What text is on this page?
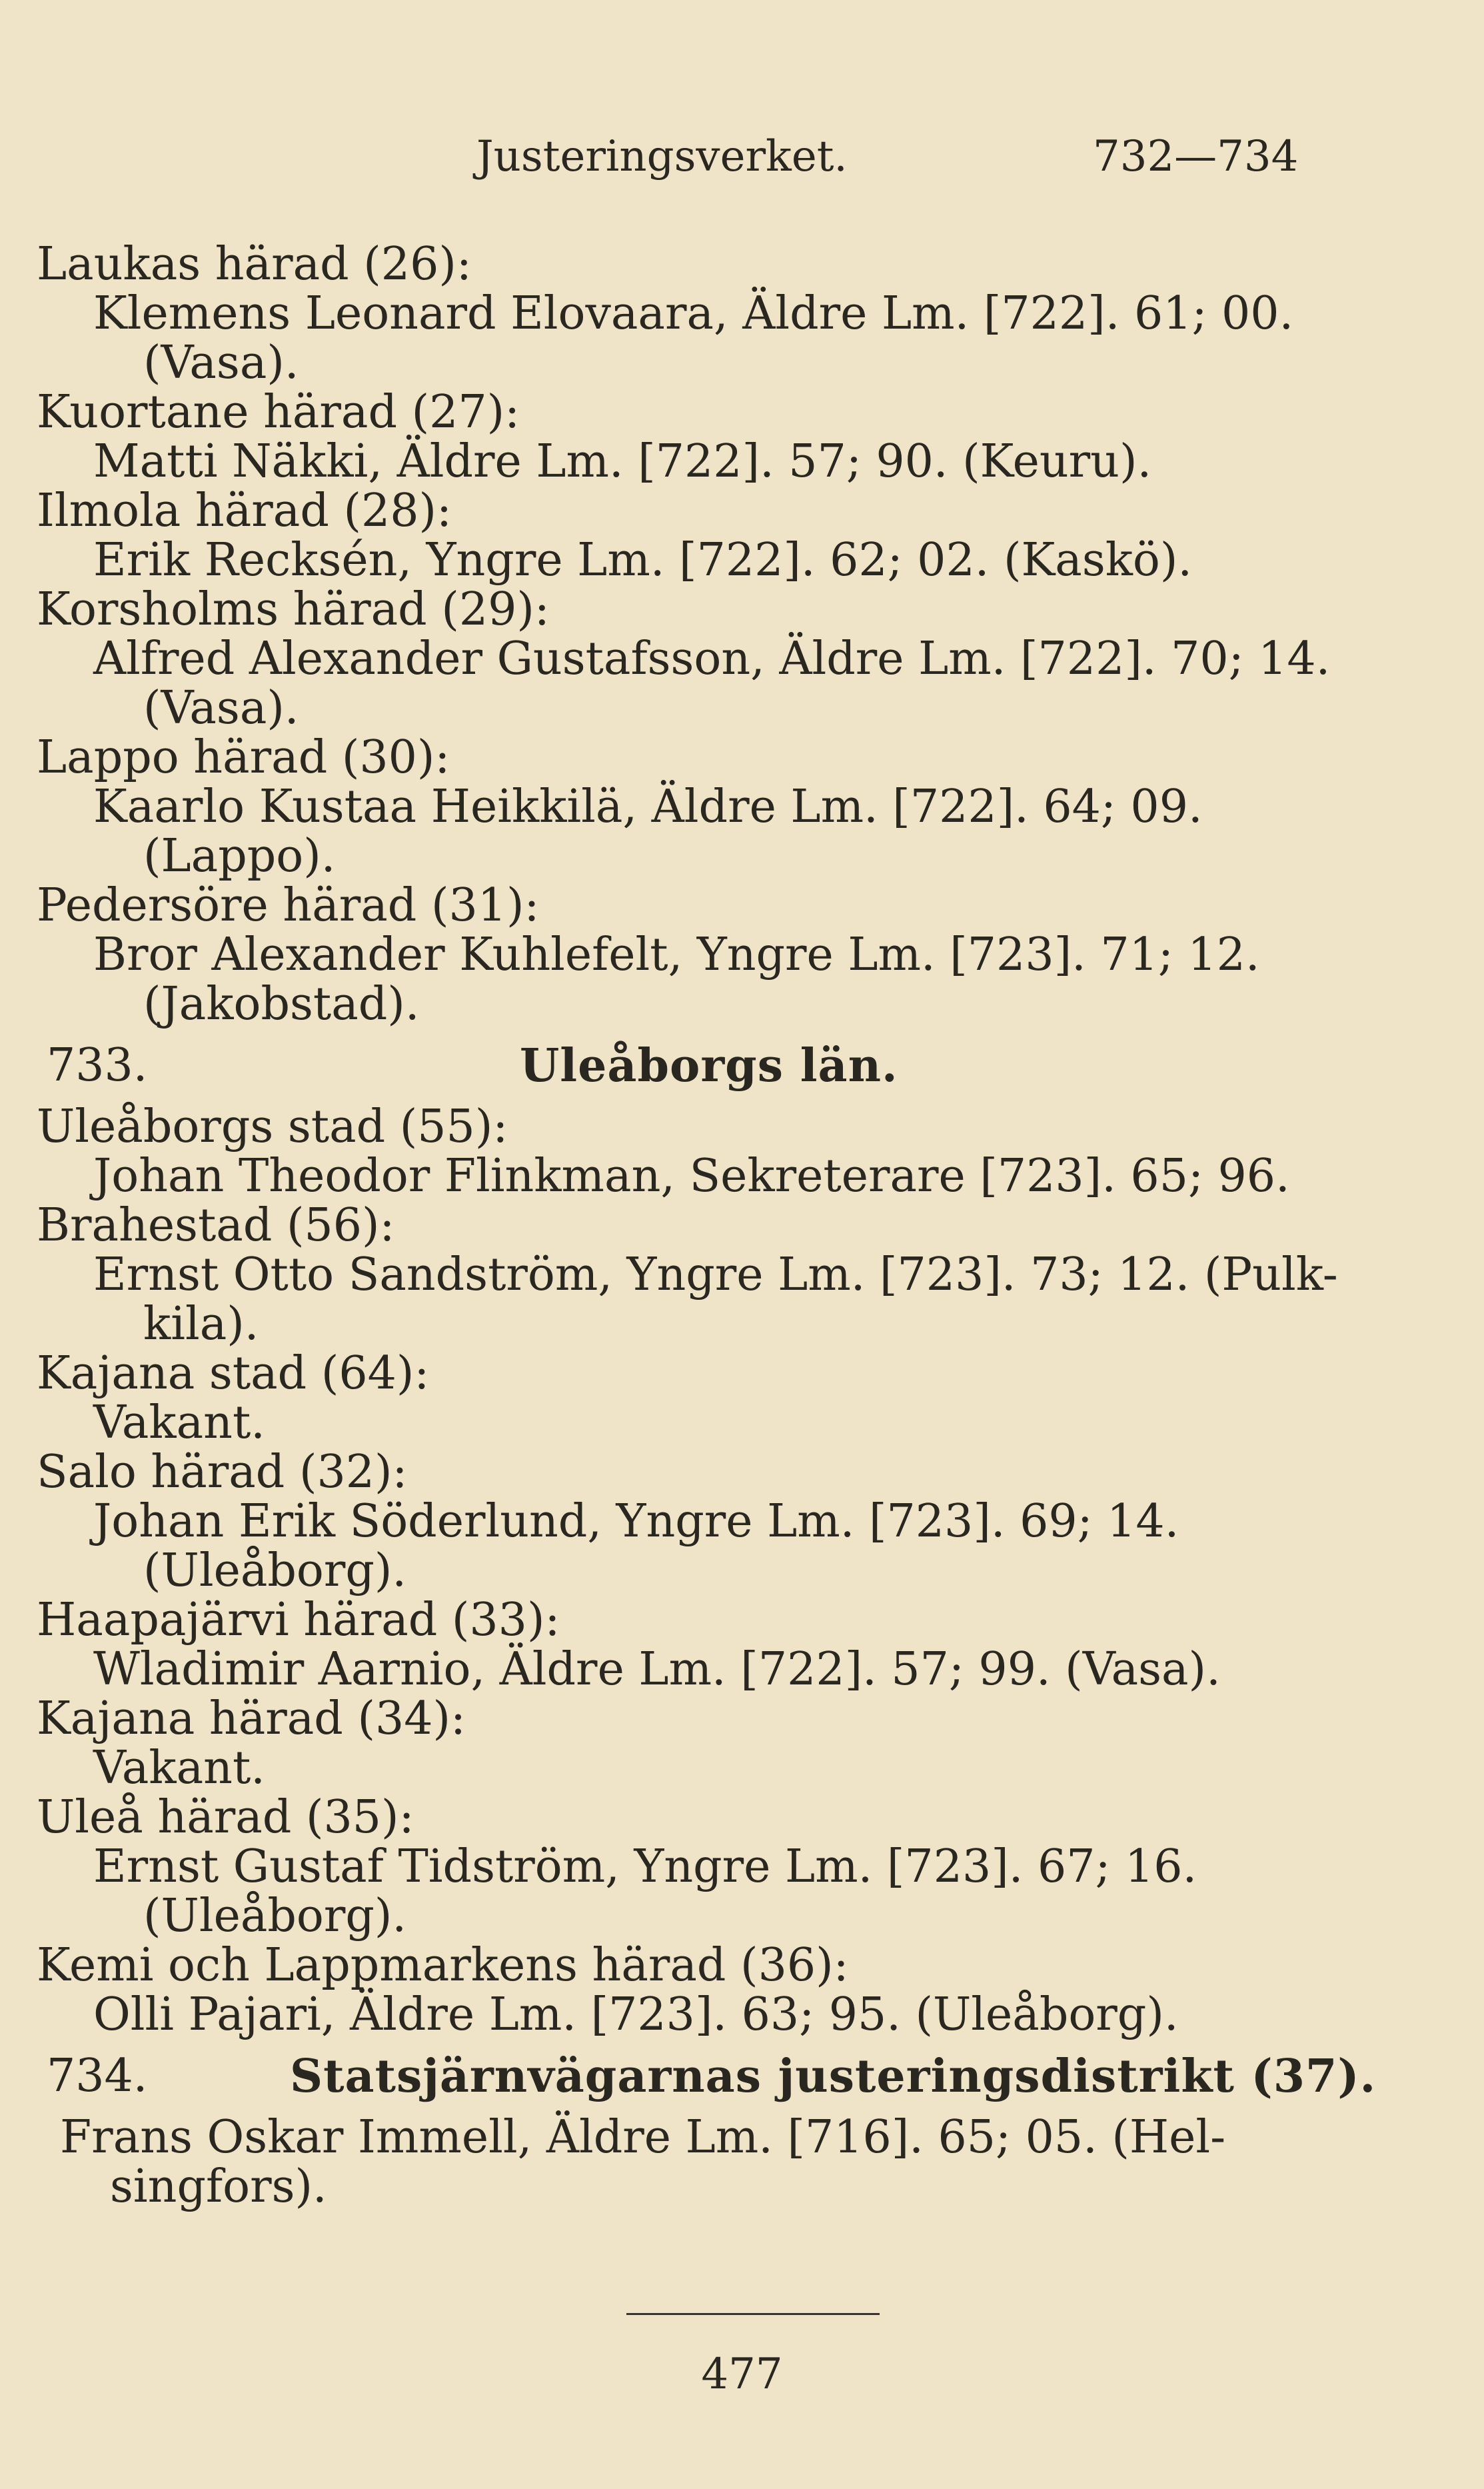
Justeringsverket.	732—734
Laukas härad (26):
Klemens Leonard Elovaara, Äldre Lm. [722]. 61; 00.
(Vasa).
Kuortane härad (27):
Matti Näkki, Äldre Lm. [722]. 57; 90. (Keuru).
Ilmola härad (28):
Erik Recksén, Yngre Lm. [722]. 62; 02. (Kaskö).
Korsholms härad (29):
Alfred Alexander Gustafsson, Äldre Lm. [722]. 70; 14.
(Vasa).
Lappo härad (30):
Kaarlo Kustaa Heikkilä, Äldre Lm. [722]. 64; 09.
(Lappo).
Pedersöre härad (31):
Bror Alexander Kuhlefelt, Yngre Lm. [723]. 71; 12.
(Jakobstad).
733.	Uleåborgs län.
Uleåborgs stad (55):
Johan Theodor Flinkman, Sekreterare [723]. 65; 96.
Brahestad (56):
Ernst Otto Sandström, Yngre Lm. [723]. 73; 12. (Pulk-
kila).
Kajana stad (64):
Vakant.
Salo härad (32):
Johan Erik Söderlund, Yngre Lm. [723]. 69; 14.
(Uleåborg).
Haapajärvi härad (33):
Wladimir Aarnio, Äldre Lm. [722]. 57; 99. (Vasa).
Kajana härad (34):
Vakant.
Uleå härad (35):
Ernst Gustaf Tidström, Yngre Lm. [723]. 67; 16.
(Uleåborg).
Kemi och Lappmarkens härad (36):
Olli Pajari, Äldre Lm. [723]. 63; 95. (Uleåborg).
734.	Statsjärnvägarnas justeringsdistrikt (37).
Frans Oskar Immell, Äldre Lm. [716]. 65; 05. (Hel-
singfors).
477
